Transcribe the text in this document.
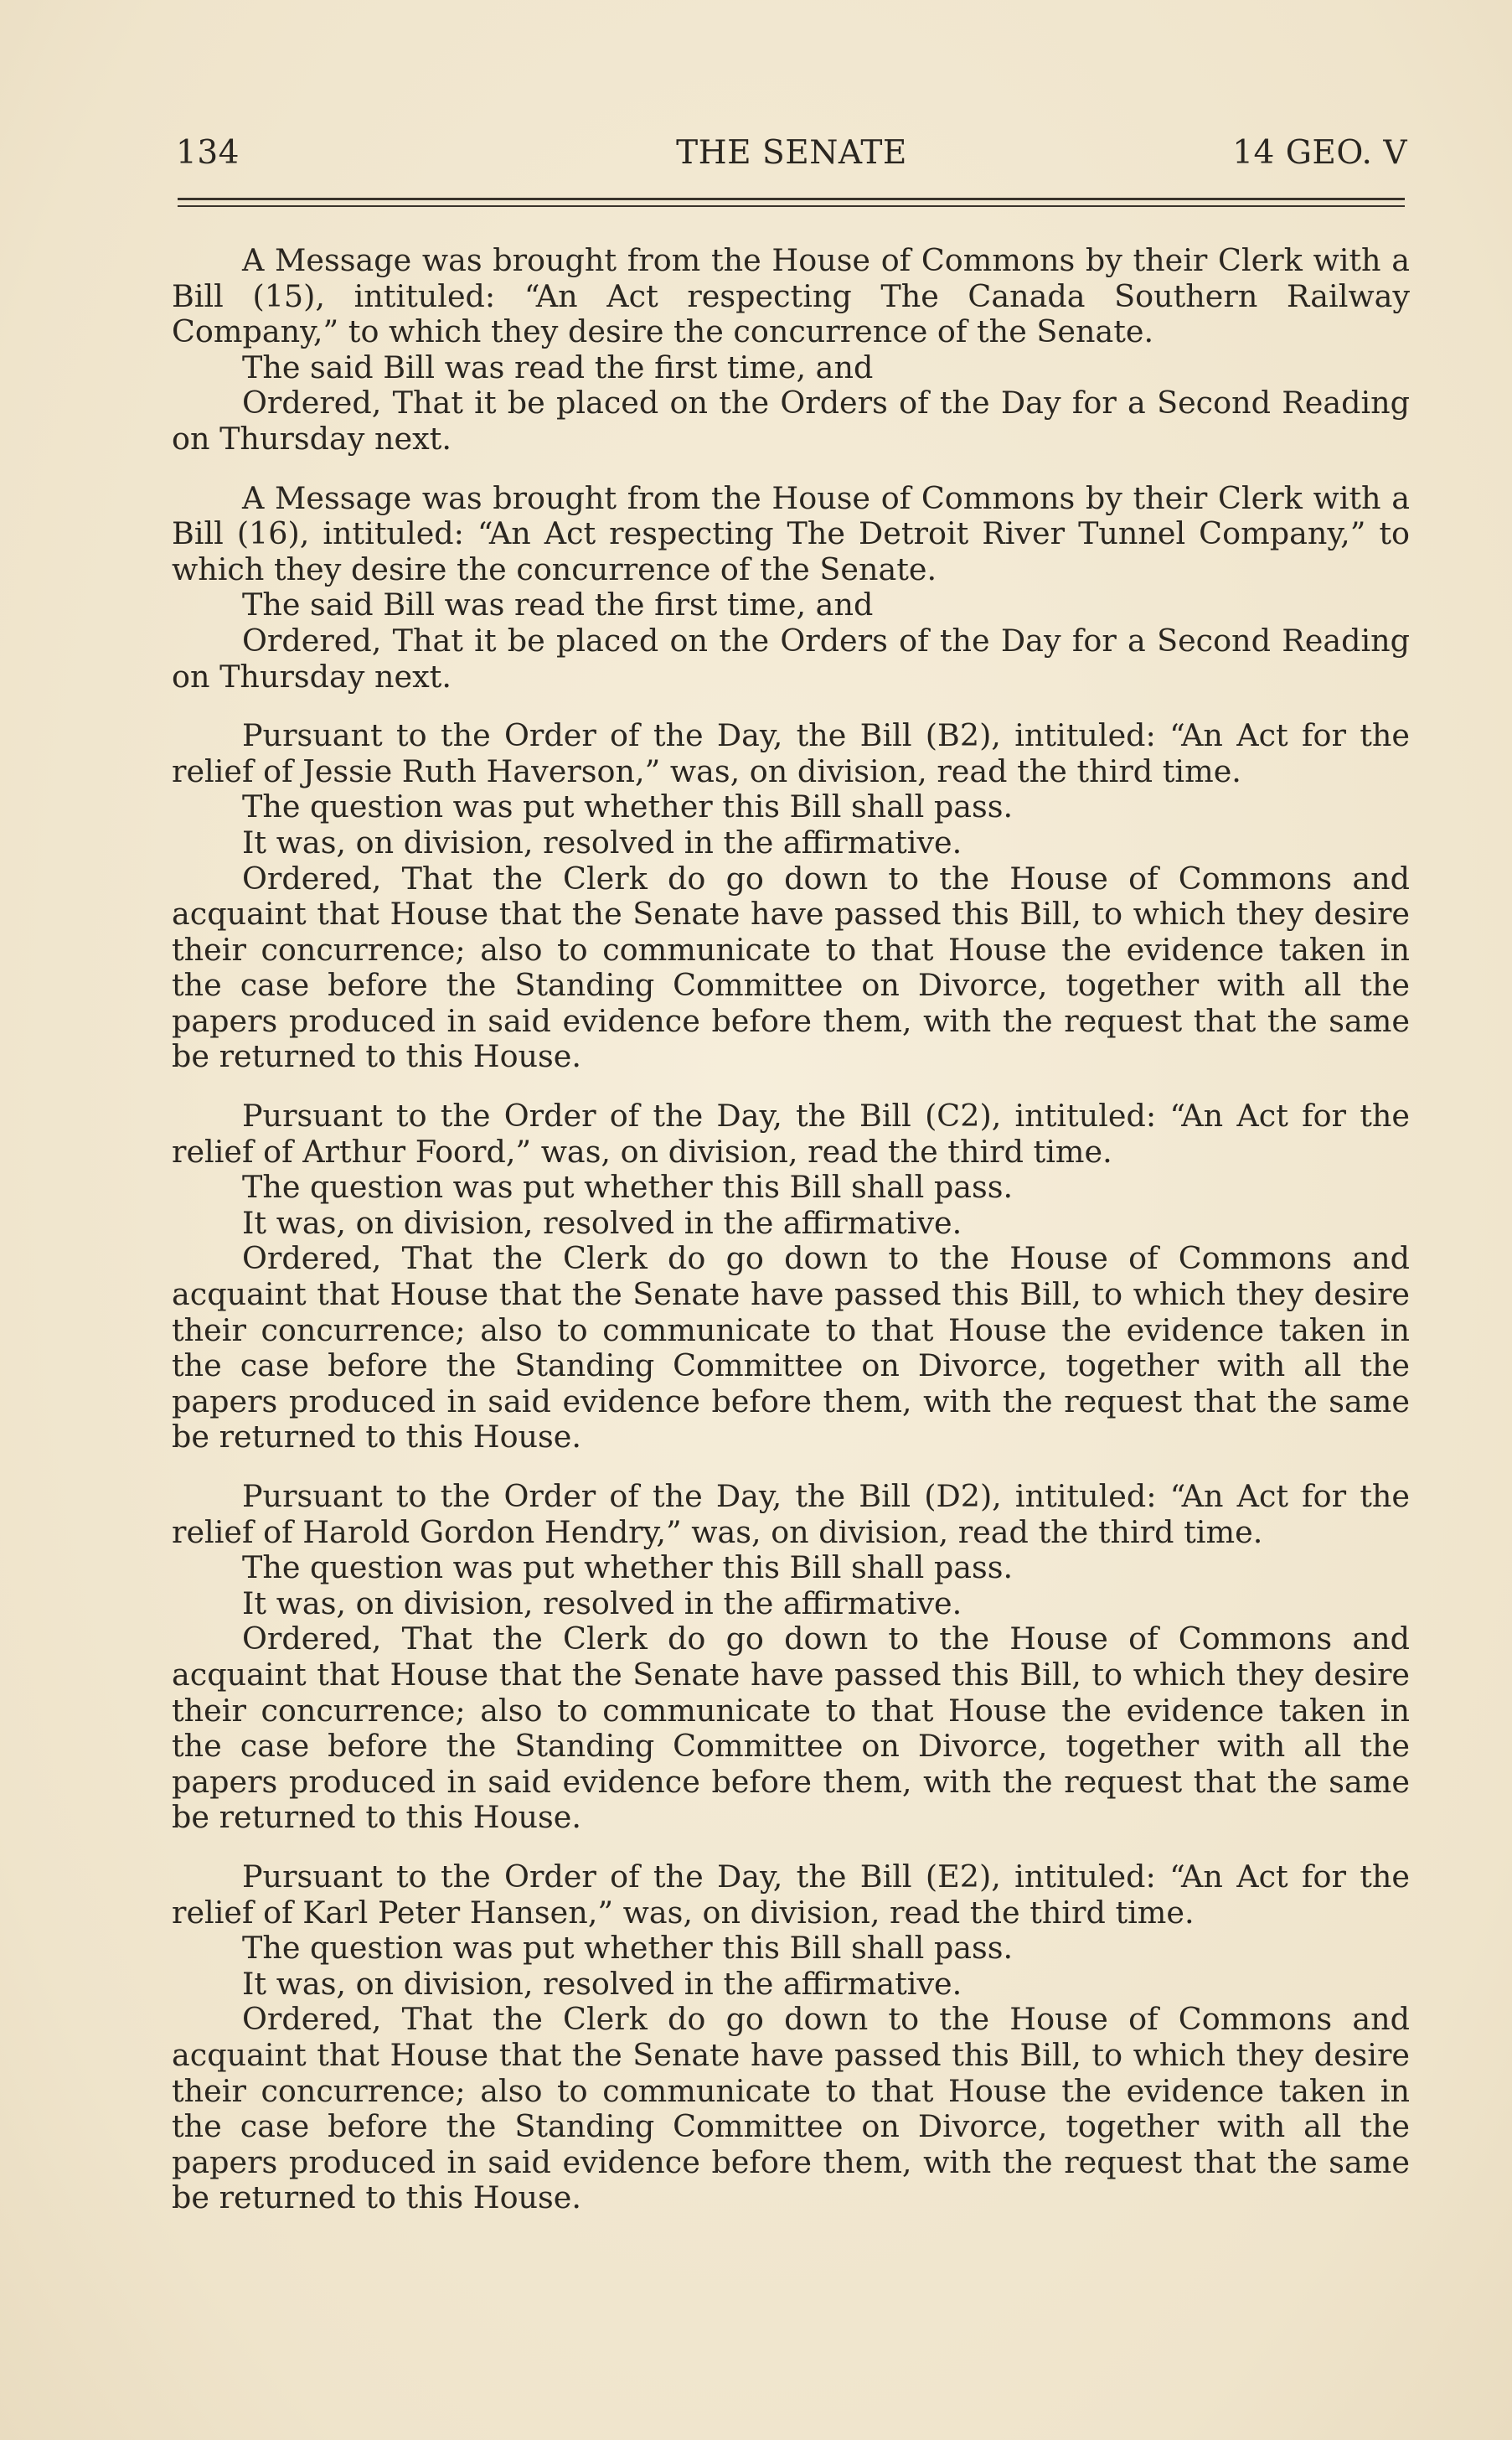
134	THE SENATE	14 GEO. V

A Message was brought from the House of Commons by their Clerk with a Bill (15), intituled: “An Act respecting The Canada Southern Railway Company,” to which they desire the concurrence of the Senate.

The said Bill was read the first time, and

Ordered, That it be placed on the Orders of the Day for a Second Reading on Thursday next.

A Message was brought from the House of Commons by their Clerk with a Bill (16), intituled: “An Act respecting The Detroit River Tunnel Company,” to which they desire the concurrence of the Senate.

The said Bill was read the first time, and

Ordered, That it be placed on the Orders of the Day for a Second Reading on Thursday next.

Pursuant to the Order of the Day, the Bill (B2), intituled: “An Act for the relief of Jessie Ruth Haverson,” was, on division, read the third time.

The question was put whether this Bill shall pass.

It was, on division, resolved in the affirmative.

Ordered, That the Clerk do go down to the House of Commons and acquaint that House that the Senate have passed this Bill, to which they desire their concurrence; also to communicate to that House the evidence taken in the case before the Standing Committee on Divorce, together with all the papers produced in said evidence before them, with the request that the same be returned to this House.

Pursuant to the Order of the Day, the Bill (C2), intituled: “An Act for the relief of Arthur Foord,” was, on division, read the third time.

The question was put whether this Bill shall pass.

It was, on division, resolved in the affirmative.

Ordered, That the Clerk do go down to the House of Commons and acquaint that House that the Senate have passed this Bill, to which they desire their concurrence; also to communicate to that House the evidence taken in the case before the Standing Committee on Divorce, together with all the papers produced in said evidence before them, with the request that the same be returned to this House.

Pursuant to the Order of the Day, the Bill (D2), intituled: “An Act for the relief of Harold Gordon Hendry,” was, on division, read the third time.

The question was put whether this Bill shall pass.

It was, on division, resolved in the affirmative.

Ordered, That the Clerk do go down to the House of Commons and acquaint that House that the Senate have passed this Bill, to which they desire their concurrence; also to communicate to that House the evidence taken in the case before the Standing Committee on Divorce, together with all the papers produced in said evidence before them, with the request that the same be returned to this House.

Pursuant to the Order of the Day, the Bill (E2), intituled: “An Act for the relief of Karl Peter Hansen,” was, on division, read the third time.

The question was put whether this Bill shall pass.

It was, on division, resolved in the affirmative.

Ordered, That the Clerk do go down to the House of Commons and acquaint that House that the Senate have passed this Bill, to which they desire their concurrence; also to communicate to that House the evidence taken in the case before the Standing Committee on Divorce, together with all the papers produced in said evidence before them, with the request that the same be returned to this House.
